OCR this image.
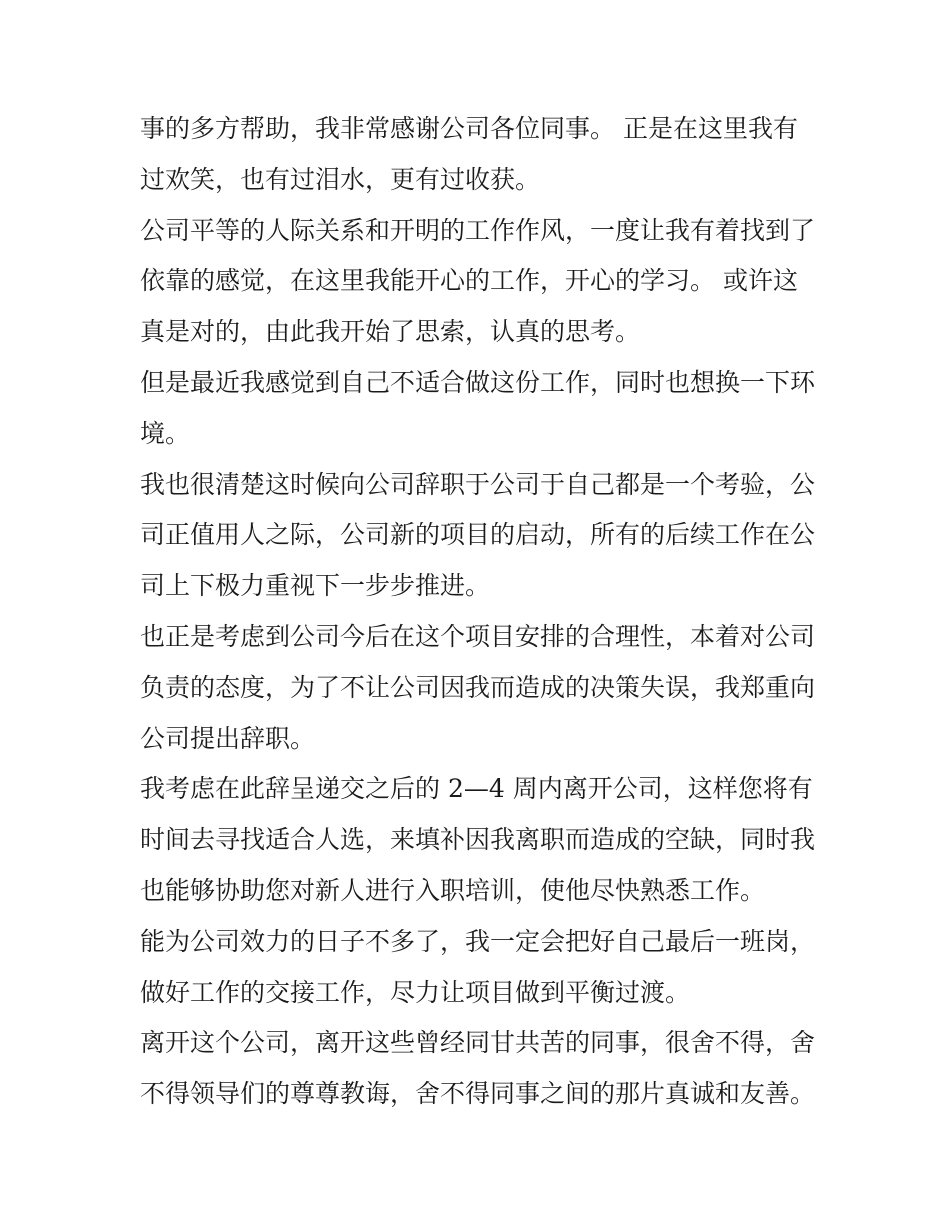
事的多方帮助，我非常感谢公司各位同事。 正是在这里我有
过欢笑，也有过泪水，更有过收获。
公司平等的人际关系和开明的工作作风，一度让我有着找到了
依靠的感觉，在这里我能开心的工作，开心的学习。 或许这
真是对的，由此我开始了思索，认真的思考。
但是最近我感觉到自己不适合做这份工作，同时也想换一下环
境。
我也很清楚这时候向公司辞职于公司于自己都是一个考验，公
司正值用人之际，公司新的项目的启动，所有的后续工作在公
司上下极力重视下一步步推进。
也正是考虑到公司今后在这个项目安排的合理性，本着对公司
负责的态度，为了不让公司因我而造成的决策失误，我郑重向
公司提出辞职。
我考虑在此辞呈递交之后的 2—4 周内离开公司，这样您将有
时间去寻找适合人选，来填补因我离职而造成的空缺，同时我
也能够协助您对新人进行入职培训，使他尽快熟悉工作。
能为公司效力的日子不多了，我一定会把好自己最后一班岗，
做好工作的交接工作，尽力让项目做到平衡过渡。
离开这个公司，离开这些曾经同甘共苦的同事，很舍不得，舍
不得领导们的尊尊教诲，舍不得同事之间的那片真诚和友善。
